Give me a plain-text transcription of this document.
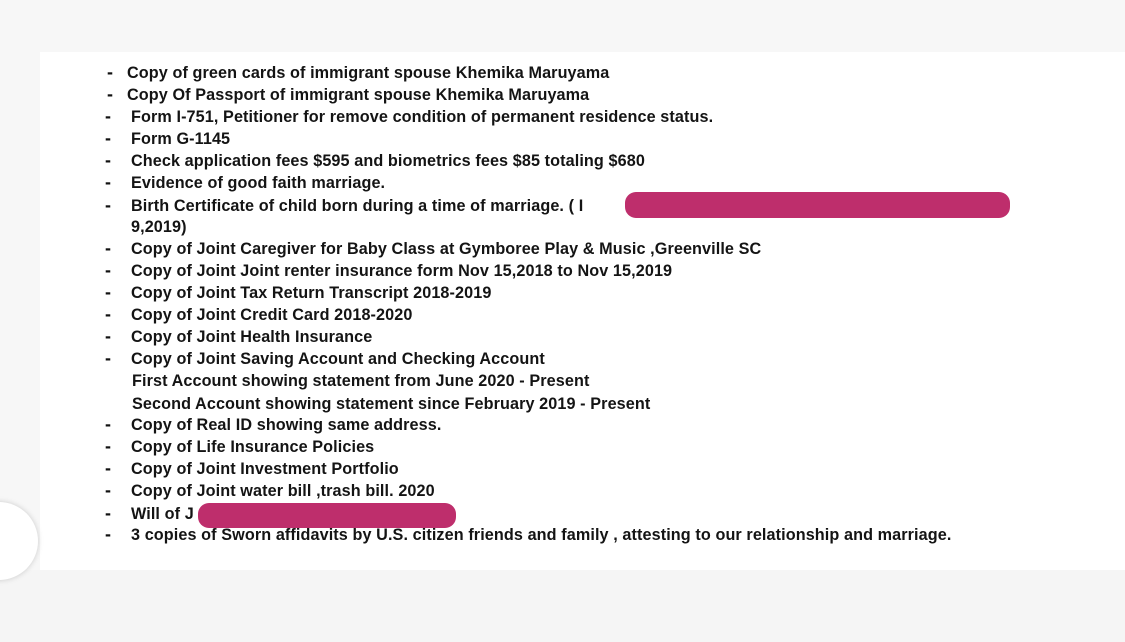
- Copy of green cards of immigrant spouse Khemika Maruyama
- Copy Of Passport of immigrant spouse Khemika Maruyama
- Form I-751, Petitioner for remove condition of permanent residence status.
- Form G-1145
- Check application fees $595 and biometrics fees $85 totaling $680
- Evidence of good faith marriage.
- Birth Certificate of child born during a time of marriage. ( I
9,2019)
- Copy of Joint Caregiver for Baby Class at Gymboree Play & Music ,Greenville SC
- Copy of Joint Joint renter insurance form Nov 15,2018 to Nov 15,2019
- Copy of Joint Tax Return Transcript 2018-2019
- Copy of Joint Credit Card 2018-2020
- Copy of Joint Health Insurance
- Copy of Joint Saving Account and Checking Account
First Account showing statement from June 2020 - Present
Second Account showing statement since February 2019 - Present
- Copy of Real ID showing same address.
- Copy of Life Insurance Policies
- Copy of Joint Investment Portfolio
- Copy of Joint water bill ,trash bill. 2020
- Will of J
- 3 copies of Sworn affidavits by U.S. citizen friends and family , attesting to our relationship and marriage.
